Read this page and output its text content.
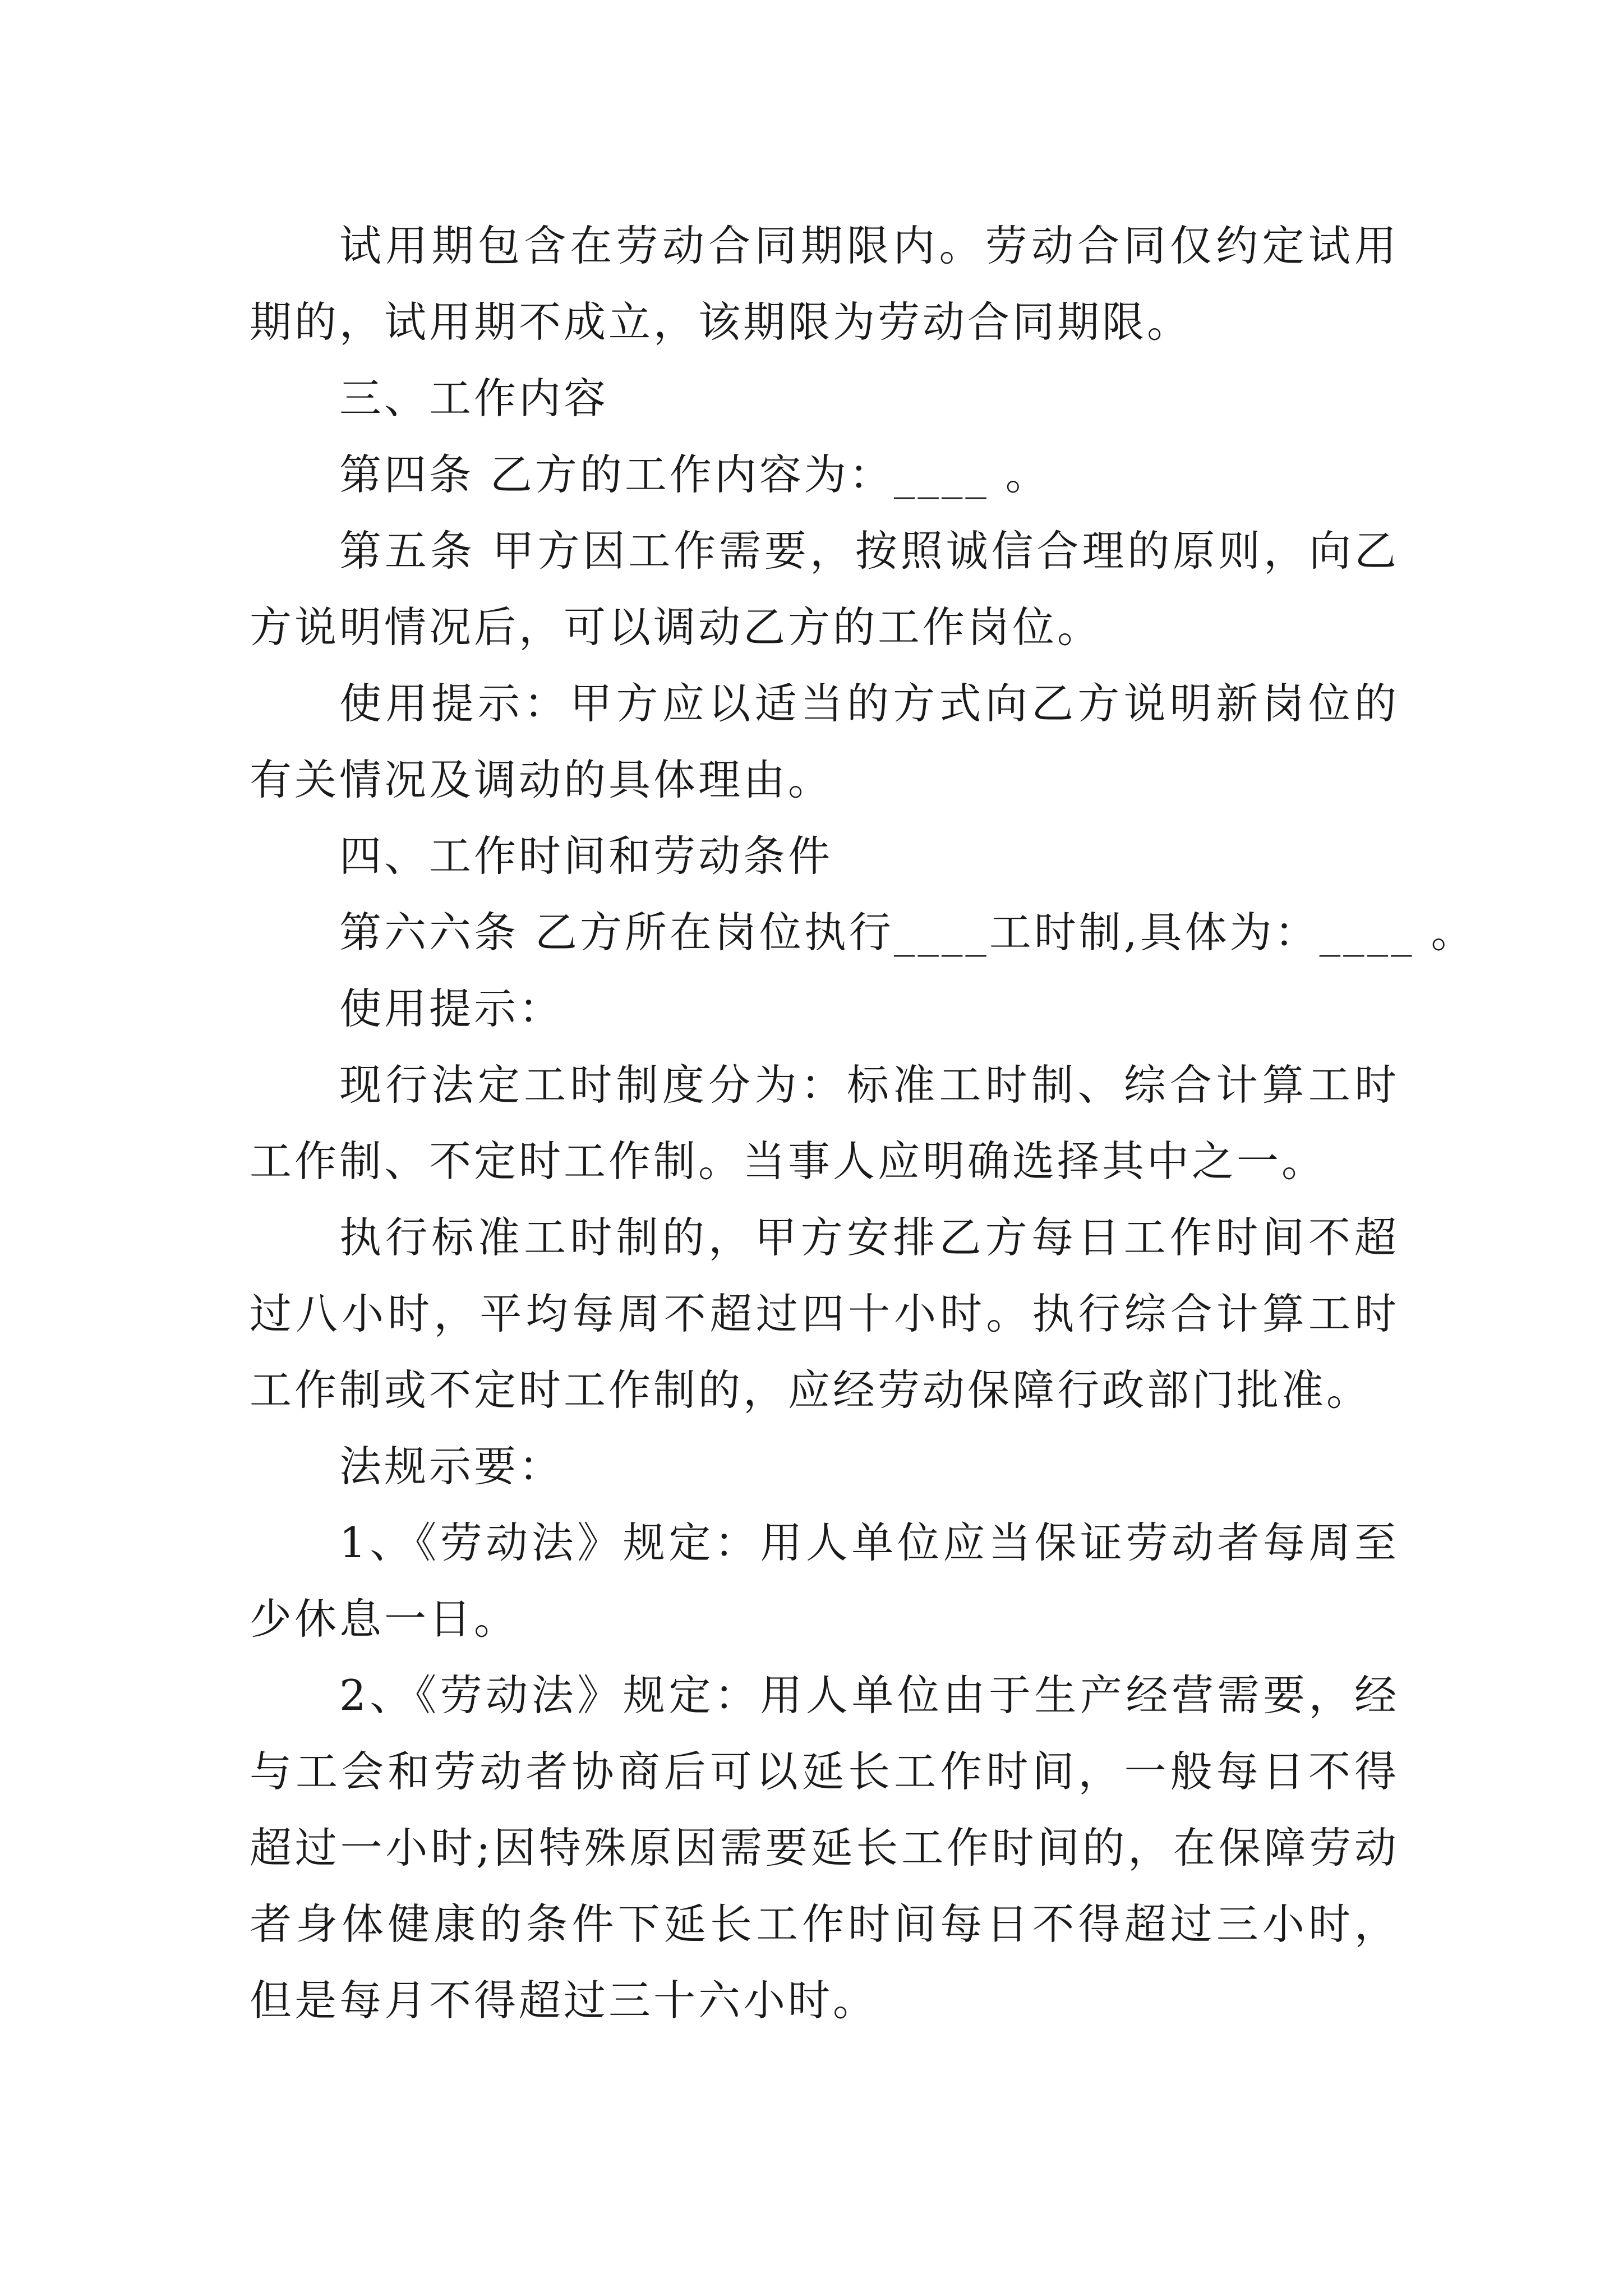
试用期包含在劳动合同期限内。劳动合同仅约定试用期的，试用期不成立，该期限为劳动合同期限。

三、工作内容

第四条 乙方的工作内容为：____ 。

第五条 甲方因工作需要，按照诚信合理的原则，向乙方说明情况后，可以调动乙方的工作岗位。

使用提示：甲方应以适当的方式向乙方说明新岗位的有关情况及调动的具体理由。

四、工作时间和劳动条件

第六六条 乙方所在岗位执行____工时制,具体为：____ 。

使用提示：

现行法定工时制度分为：标准工时制、综合计算工时工作制、不定时工作制。当事人应明确选择其中之一。

执行标准工时制的，甲方安排乙方每日工作时间不超过八小时，平均每周不超过四十小时。执行综合计算工时工作制或不定时工作制的，应经劳动保障行政部门批准。

法规示要：

1、《劳动法》规定：用人单位应当保证劳动者每周至少休息一日。

2、《劳动法》规定：用人单位由于生产经营需要，经与工会和劳动者协商后可以延长工作时间，一般每日不得超过一小时;因特殊原因需要延长工作时间的，在保障劳动者身体健康的条件下延长工作时间每日不得超过三小时，但是每月不得超过三十六小时。
